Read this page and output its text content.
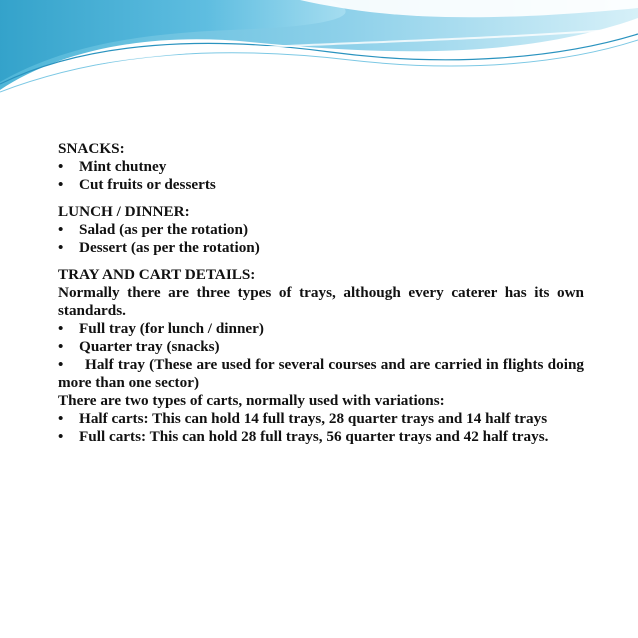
SNACKS:
• Mint chutney
• Cut fruits or desserts
LUNCH / DINNER:
• Salad (as per the rotation)
• Dessert (as per the rotation)
TRAY AND CART DETAILS:
Normally there are three types of trays, although every caterer has its own standards.
• Full tray (for lunch / dinner)
• Quarter tray (snacks)
• Half tray (These are used for several courses and are carried in flights doing more than one sector)
There are two types of carts, normally used with variations:
• Half carts: This can hold 14 full trays, 28 quarter trays and 14 half trays
• Full carts: This can hold 28 full trays, 56 quarter trays and 42 half trays.
